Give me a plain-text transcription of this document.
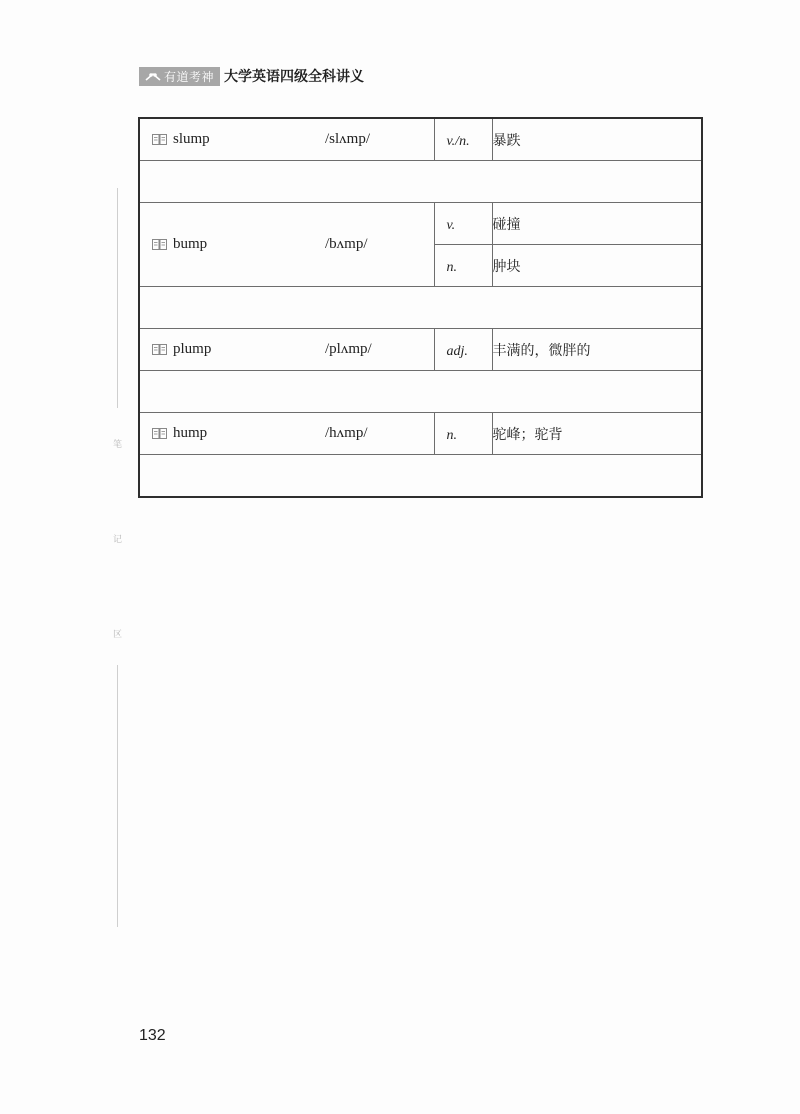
有道考神 大学英语四级全科讲义
笔
记
区
slump /slʌmp/	v./n.	暴跌

bump /bʌmp/	v.	碰撞
	n.	肿块

plump /plʌmp/	adj.	丰满的，微胖的

hump /hʌmp/	n.	驼峰；驼背

132
